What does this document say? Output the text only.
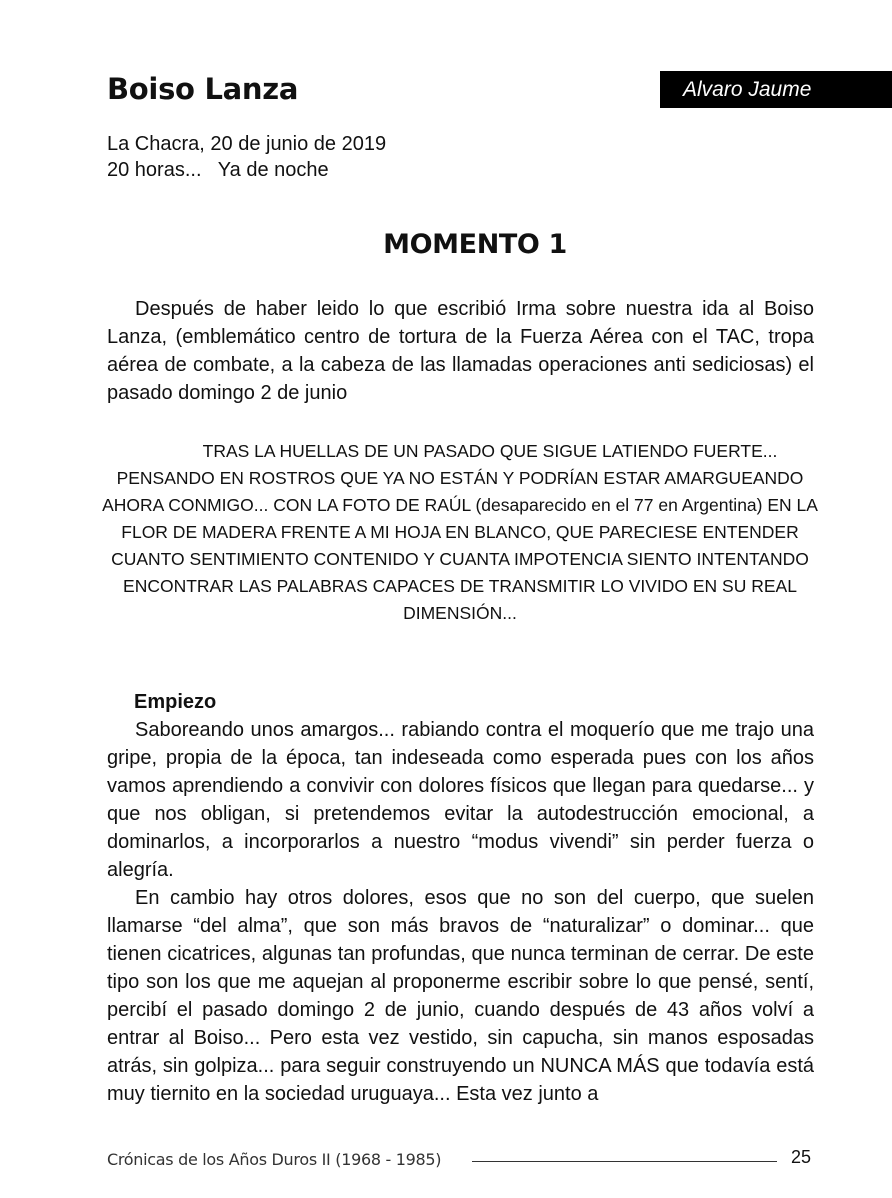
Boiso Lanza	Alvaro Jaume
La Chacra, 20 de junio de 2019
20 horas...   Ya de noche
MOMENTO 1

Después de haber leido lo que escribió Irma sobre nuestra ida al Boiso Lanza, (emblemático centro de tortura de la Fuerza Aérea con el TAC, tropa aérea de combate, a la cabeza de las llamadas operaciones anti sediciosas) el pasado domingo 2 de junio

TRAS LA HUELLAS DE UN PASADO QUE SIGUE LATIENDO FUERTE... PENSANDO EN ROSTROS QUE YA NO ESTÁN Y PODRÍAN ESTAR AMARGUEANDO AHORA CONMIGO... CON LA FOTO DE RAÚL (desaparecido en el 77 en Argentina) EN LA FLOR DE MADERA FRENTE A MI HOJA EN BLANCO, QUE PARECIESE ENTENDER CUANTO SENTIMIENTO CONTENIDO Y CUANTA IMPOTENCIA SIENTO INTENTANDO ENCONTRAR LAS PALABRAS CAPACES DE TRANSMITIR LO VIVIDO EN SU REAL DIMENSIÓN...

Empiezo

Saboreando unos amargos... rabiando contra el moquerío que me trajo una gripe, propia de la época, tan indeseada como esperada pues con los años vamos aprendiendo a convivir con dolores físicos que llegan para quedarse... y que nos obligan, si pretendemos evitar la autodestrucción emocional, a dominarlos, a incorporarlos a nuestro “modus vivendi” sin perder fuerza o alegría.

En cambio hay otros dolores, esos que no son del cuerpo, que suelen llamarse “del alma”, que son más bravos de “naturalizar” o dominar... que tienen cicatrices, algunas tan profundas, que nunca terminan de cerrar. De este tipo son los que me aquejan al proponerme escribir sobre lo que pensé, sentí, percibí el pasado domingo 2 de junio, cuando después de 43 años volví a entrar al Boiso... Pero esta vez vestido, sin capucha, sin manos esposadas atrás, sin golpiza... para seguir construyendo un NUNCA MÁS que todavía está muy tiernito en la sociedad uruguaya... Esta vez junto a

Crónicas de los Años Duros II (1968 - 1985)	25
